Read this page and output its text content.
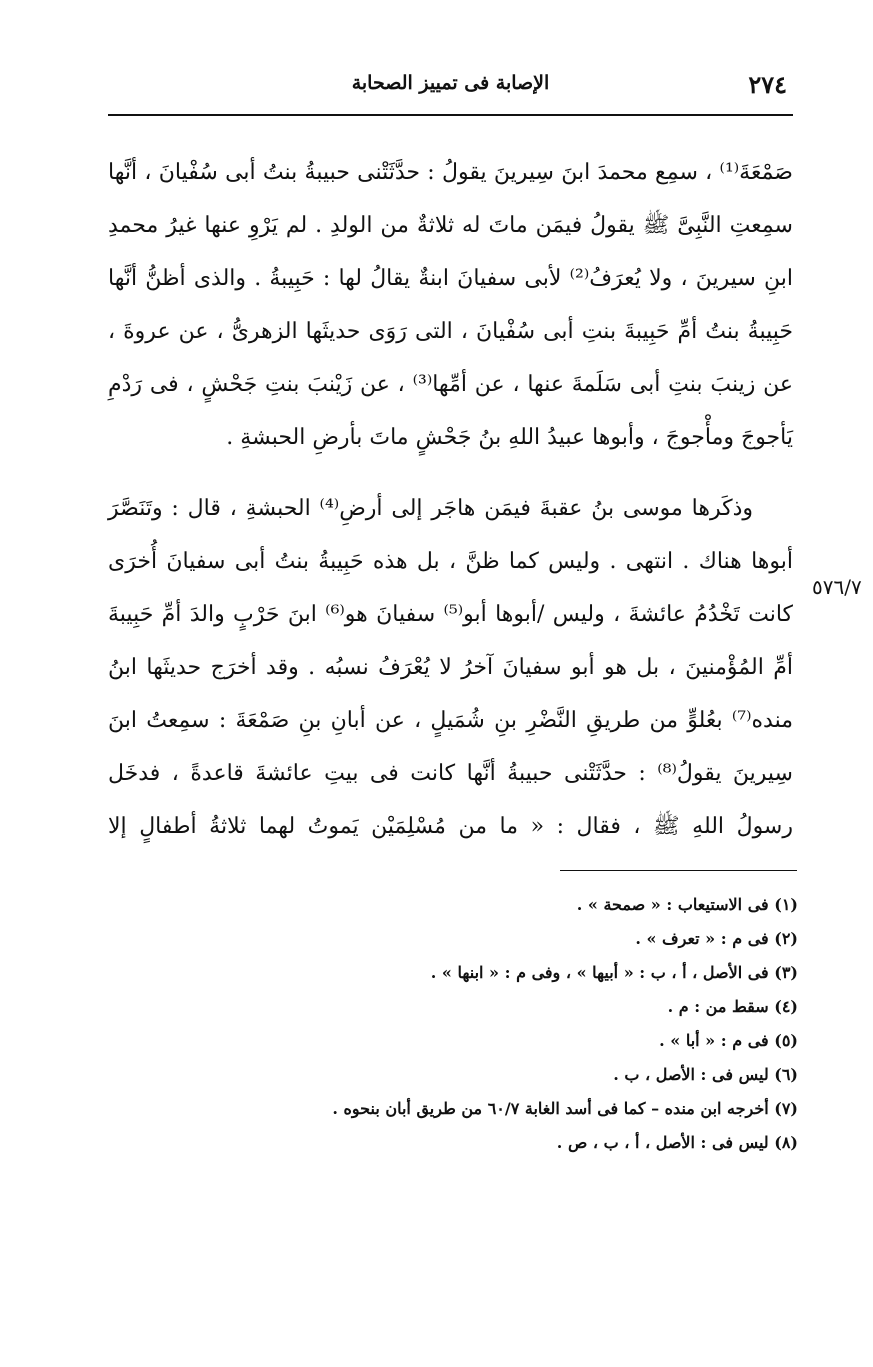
٢٧٤
الإصابة فى تمييز الصحابة
صَمْعَةَ⁽¹⁾ ، سمِع محمدَ ابنَ سِيرينَ يقولُ : حدَّثَتْنى حبيبةُ بنتُ أبى سُفْيانَ ، أنَّها
سمِعتِ النَّبِىَّ ﷺ يقولُ فيمَن ماتَ له ثلاثةٌ من الولدِ . لم يَرْوِ عنها غيرُ محمدِ
ابنِ سيرينَ ، ولا يُعرَفُ⁽²⁾ لأبى سفيانَ ابنةٌ يقالُ لها : حَبِيبةُ . والذى أظنُّ أنَّها
حَبِيبةُ بنتُ أمِّ حَبِيبةَ بنتِ أبى سُفْيانَ ، التى رَوَى حديثَها الزهرىُّ ، عن عروةَ ،
عن زينبَ بنتِ أبى سَلَمةَ عنها ، عن أمِّها⁽³⁾ ، عن زَيْنبَ بنتِ جَحْشٍ ، فى رَدْمِ
يَأجوجَ ومأْجوجَ ، وأبوها عبيدُ اللهِ بنُ جَحْشٍ ماتَ بأرضِ الحبشةِ .
وذكَرها موسى بنُ عقبةَ فيمَن هاجَر إلى أرضِ⁽⁴⁾ الحبشةِ ، قال : وتَنَصَّرَ
أبوها هناك . انتهى . وليس كما ظنَّ ، بل هذه حَبِيبةُ بنتُ أبى سفيانَ أُخرَى
كانت تَخْدُمُ عائشةَ ، وليس /أبوها أبو⁽⁵⁾ سفيانَ هو⁽⁶⁾ ابنَ حَرْبٍ والدَ أمِّ حَبِيبةَ
أمِّ المُؤْمنينَ ، بل هو أبو سفيانَ آخرُ لا يُعْرَفُ نسبُه . وقد أخرَج حديثَها ابنُ
منده⁽⁷⁾ بعُلوٍّ من طريقِ النَّضْرِ بنِ شُمَيلٍ ، عن أبانِ بنِ صَمْعَةَ : سمِعتُ ابنَ
سِيرينَ يقولُ⁽⁸⁾ : حدَّثَتْنى حبيبةُ أنَّها كانت فى بيتِ عائشةَ قاعدةً ، فدخَل
رسولُ اللهِ ﷺ ، فقال : « ما من مُسْلِمَيْن يَموتُ لهما ثلاثةُ أطفالٍ إلا
٥٧٦/٧
(١) فى الاستيعاب : « صمحة » .
(٢) فى م : « تعرف » .
(٣) فى الأصل ، أ ، ب : « أبيها » ، وفى م : « ابنها » .
(٤) سقط من : م .
(٥) فى م : « أبا » .
(٦) ليس فى : الأصل ، ب .
(٧) أخرجه ابن منده – كما فى أسد الغابة ٦٠/٧ من طريق أبان بنحوه .
(٨) ليس فى : الأصل ، أ ، ب ، ص .
